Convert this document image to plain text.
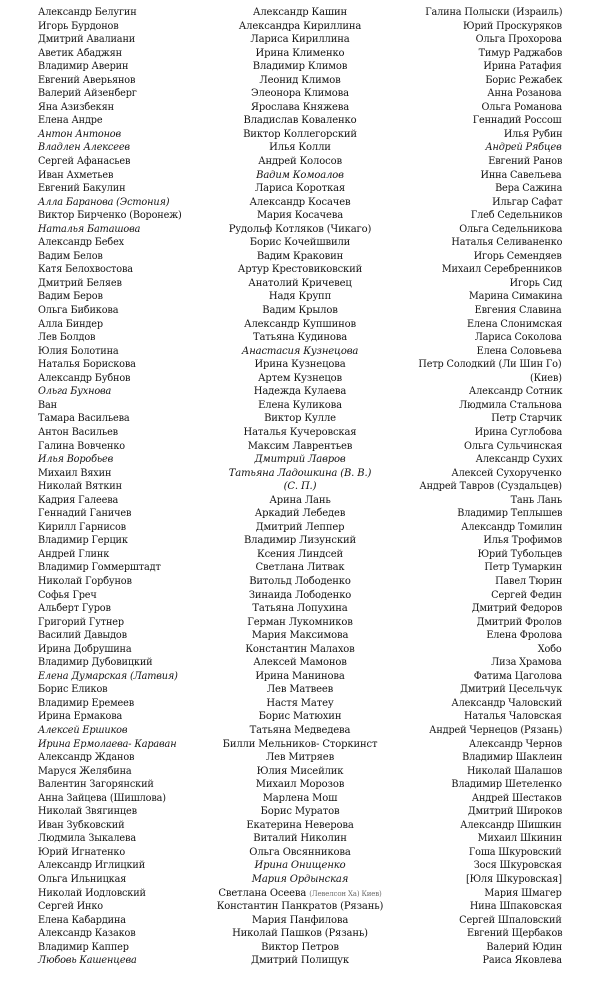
Александр Белугин
Игорь Бурдонов
Дмитрий Авалиани
Аветик Абаджян
Владимир Аверин
Евгений Аверьянов
Валерий Айзенберг
Яна Азизбекян
Елена Андре
Антон Антонов
Владлен Алексеев
Сергей Афанасьев
Иван Ахметьев
Евгений Бакулин
Алла Баранова (Эстония)
Виктор Бирченко (Воронеж)
Наталья Баташова
Александр Бебех
Вадим Белов
Катя Белохвостова
Дмитрий Беляев
Вадим Беров
Ольга Бибикова
Алла Биндер
Лев Болдов
Юлия Болотина
Наталья Борискова
Александр Бубнов
Ольга Бухнова
Ван
Тамара Васильева
Антон Васильев
Галина Вовченко
Илья Воробьев
Михаил Вяхин
Николай Вяткин
Кадрия Галеева
Геннадий Ганичев
Кирилл Гарнисов
Владимир Герцик
Андрей Глинк
Владимир Гоммерштадт
Николай Горбунов
Софья Греч
Альберт Гуров
Григорий Гутнер
Василий Давыдов
Ирина Добрушина
Владимир Дубовицкий
Елена Думарская (Латвия)
Борис Еликов
Владимир Еремеев
Ирина Ермакова
Алексей Ершиков
Ирина Ермолаева- Караван
Александр Жданов
Маруся Желябина
Валентин Загорянский
Анна Зайцева (Шишлова)
Николай Звягинцев
Иван Зубковский
Людмила Зыкалева
Юрий Игнатенко
Александр Иглицкий
Ольга Ильницкая
Николай Иодловский
Сергей Инко
Елена Кабардина
Александр Казаков
Владимир Каппер
Любовь Кашенцева
Александр Кашин
Александра Кириллина
Лариса Кириллина
Ирина Клименко
Владимир Климов
Леонид Климов
Элеонора Климова
Ярослава Княжева
Владислав Коваленко
Виктор Коллегорский
Илья Колли
Андрей Колосов
Вадим Комоалов
Лариса Короткая
Александр Косачев
Мария Косачева
Рудольф Котляков (Чикаго)
Борис Кочейшвили
Вадим Краковин
Артур Крестовиковский
Анатолий Кричевец
Надя Крупп
Вадим Крылов
Александр Купшинов
Татьяна Кудинова
Анастасия Кузнецова
Ирина Кузнецова
Артем Кузнецов
Надежда Кулаева
Елена Куликова
Виктор Кулле
Наталья Кучеровская
Максим Лаврентьев
Дмитрий Лавров
Татьяна Ладошкина (В. В.)
(С. П.)
Арина Лань
Аркадий Лебедев
Дмитрий Леппер
Владимир Лизунский
Ксения Линдсей
Светлана Литвак
Витольд Лободенко
Зинаида Лободенко
Татьяна Лопухина
Герман Лукомников
Мария Максимова
Константин Малахов
Алексей Мамонов
Ирина Манинова
Лев Матвеев
Настя Матеу
Борис Матюхин
Татьяна Медведева
Билли Мельников- Сторкинст
Лев Митряев
Юлия Мисейлик
Михаил Морозов
Марлена Мош
Борис Муратов
Екатерина Неверова
Виталий Николин
Ольга Овсянникова
Ирина Онищенко
Мария Ордынская
Светлана Осеева (Левелсон Ха) Киев)
Константин Панкратов (Рязань)
Мария Панфилова
Николай Пашков (Рязань)
Виктор Петров
Дмитрий Полищук
Галина Полыски (Израиль)
Юрий Проскуряков
Ольга Прохорова
Тимур Раджабов
Ирина Ратафия
Борис Режабек
Анна Розанова
Ольга Романова
Геннадий Россош
Илья Рубин
Андрей Рябцев
Евгений Ранов
Инна Савельева
Вера Сажина
Ильгар Сафат
Глеб Седельников
Ольга Седельникова
Наталья Селиваненко
Игорь Семендяев
Михаил Серебренников
Игорь Сид
Марина Симакина
Евгения Славина
Елена Слонимская
Лариса Соколова
Елена Соловьева
Петр Солодкий (Ли Шин Го)
(Киев)
Александр Сотник
Людмила Стальнова
Петр Старчик
Ирина Суглобова
Ольга Сульчинская
Александр Сухих
Алексей Сухорученко
Андрей Тавров (Суздальцев)
Тань Лань
Владимир Теплышев
Александр Томилин
Илья Трофимов
Юрий Тубольцев
Петр Тумаркин
Павел Тюрин
Сергей Федин
Дмитрий Федоров
Дмитрий Фролов
Елена Фролова
Хобо
Лиза Храмова
Фатима Цаголова
Дмитрий Цесельчук
Александр Чаловский
Наталья Чаловская
Андрей Чернецов (Рязань)
Александр Чернов
Владимир Шаклеин
Николай Шалашов
Владимир Шетеленко
Андрей Шестаков
Дмитрий Широков
Александр Шишкин
Михаил Шкинин
Гоша Шкуровский
Зося Шкуровская
[Юля Шкуровская]
Мария Шмагер
Нина Шпаковская
Сергей Шпаловский
Евгений Щербаков
Валерий Юдин
Раиса Яковлева
